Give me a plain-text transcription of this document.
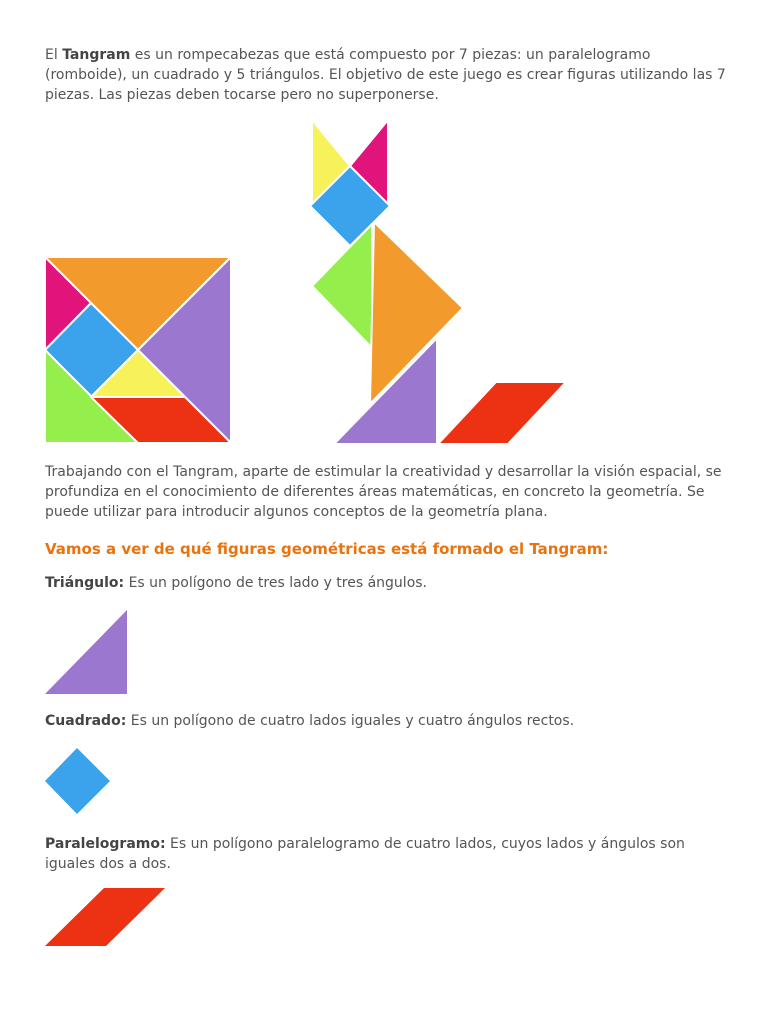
El Tangram es un rompecabezas que está compuesto por 7 piezas: un paralelogramo (romboide), un cuadrado y 5 triángulos. El objetivo de este juego es crear figuras utilizando las 7 piezas. Las piezas deben tocarse pero no superponerse.

Trabajando con el Tangram, aparte de estimular la creatividad y desarrollar la visión espacial, se profundiza en el conocimiento de diferentes áreas matemáticas, en concreto la geometría. Se puede utilizar para introducir algunos conceptos de la geometría plana.

Vamos a ver de qué figuras geométricas está formado el Tangram:

Triángulo: Es un polígono de tres lado y tres ángulos.

Cuadrado: Es un polígono de cuatro lados iguales y cuatro ángulos rectos.

Paralelogramo: Es un polígono paralelogramo de cuatro lados, cuyos lados y ángulos son iguales dos a dos.
